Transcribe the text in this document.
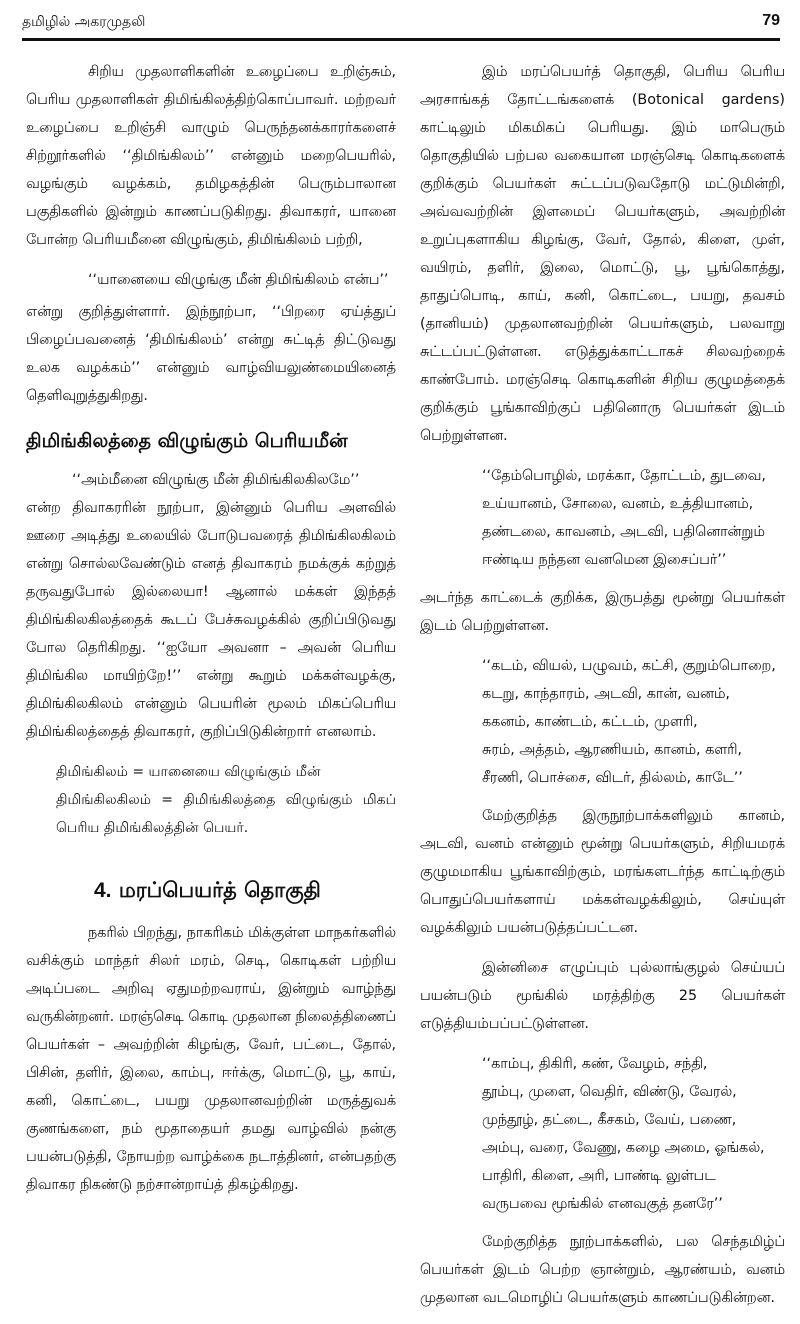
தமிழில் அகரமுதலி	79

சிறிய முதலாளிகளின் உழைப்பை உறிஞ்சும், பெரிய முதலாளிகள் திமிங்கிலத்திற்கொப்பாவர். மற்றவர் உழைப்பை உறிஞ்சி வாழும் பெருந்தனக்காரர்களைச் சிற்றூர்களில் ‘‘திமிங்கிலம்’’ என்னும் மறைபெயரில், வழங்கும் வழக்கம், தமிழகத்தின் பெரும்பாலான பகுதிகளில் இன்றும் காணப்படுகிறது. திவாகரர், யானை போன்ற பெரியமீனை விழுங்கும், திமிங்கிலம் பற்றி,

‘‘யானையை விழுங்கு மீன் திமிங்கிலம் என்ப’’

என்று குறித்துள்ளார். இந்நூற்பா, ‘‘பிறரை ஏய்த்துப் பிழைப்பவனைத் ‘திமிங்கிலம்’ என்று சுட்டித் திட்டுவது உலக வழக்கம்’’ என்னும் வாழ்வியலுண்மையினைத் தெளிவுறுத்துகிறது.

திமிங்கிலத்தை விழுங்கும் பெரியமீன்

‘‘அம்மீனை விழுங்கு மீன் திமிங்கிலகிலமே’’

என்ற திவாகரரின் நூற்பா, இன்னும் பெரிய அளவில் ஊரை அடித்து உலையில் போடுபவரைத் திமிங்கிலகிலம் என்று சொல்லவேண்டும் எனத் திவாகரம் நமக்குக் கற்றுத் தருவதுபோல் இல்லையா! ஆனால் மக்கள் இந்தத் திமிங்கிலகிலத்தைக் கூடப் பேச்சுவழக்கில் குறிப்பிடுவது போல தெரிகிறது. ‘‘ஐயோ அவனா – அவன் பெரிய திமிங்கில மாயிற்றே!’’ என்று கூறும் மக்கள்வழக்கு, திமிங்கிலகிலம் என்னும் பெயரின் மூலம் மிகப்பெரிய திமிங்கிலத்தைத் திவாகரர், குறிப்பிடுகின்றார் எனலாம்.

திமிங்கிலம் = யானையை விழுங்கும் மீன்
திமிங்கிலகிலம் = திமிங்கிலத்தை விழுங்கும் மிகப் பெரிய திமிங்கிலத்தின் பெயர்.
4. மரப்பெயர்த் தொகுதி

நகரில் பிறந்து, நாகரிகம் மிக்குள்ள மாநகர்களில் வசிக்கும் மாந்தர் சிலர் மரம், செடி, கொடிகள் பற்றிய அடிப்படை அறிவு ஏதுமற்றவராய், இன்றும் வாழ்ந்து வருகின்றனர். மரஞ்செடி கொடி முதலான நிலைத்திணைப் பெயர்கள் – அவற்றின் கிழங்கு, வேர், பட்டை, தோல், பிசின், தளிர், இலை, காம்பு, ஈர்க்கு, மொட்டு, பூ, காய், கனி, கொட்டை, பயறு முதலானவற்றின் மருத்துவக் குணங்களை, நம் மூதாதையர் தமது வாழ்வில் நன்கு பயன்படுத்தி, நோயற்ற வாழ்க்கை நடாத்தினர், என்பதற்கு திவாகர நிகண்டு நற்சான்றாய்த் திகழ்கிறது.

இம் மரப்பெயர்த் தொகுதி, பெரிய பெரிய அரசாங்கத் தோட்டங்களைக் (Botonical gardens) காட்டிலும் மிகமிகப் பெரியது. இம் மாபெரும் தொகுதியில் பற்பல வகையான மரஞ்செடி கொடிகளைக் குறிக்கும் பெயர்கள் சுட்டப்படுவதோடு மட்டுமின்றி, அவ்வவற்றின் இளமைப் பெயர்களும், அவற்றின் உறுப்புகளாகிய கிழங்கு, வேர், தோல், கிளை, முள், வயிரம், தளிர், இலை, மொட்டு, பூ, பூங்கொத்து, தாதுப்பொடி, காய், கனி, கொட்டை, பயறு, தவசம் (தானியம்) முதலானவற்றின் பெயர்களும், பலவாறு சுட்டப்பட்டுள்ளன. எடுத்துக்காட்டாகச் சிலவற்றைக் காண்போம். மரஞ்செடி கொடிகளின் சிறிய குழுமத்தைக் குறிக்கும் பூங்காவிற்குப் பதினொரு பெயர்கள் இடம் பெற்றுள்ளன.

‘‘தேம்பொழில், மரக்கா, தோட்டம், துடவை,
உய்யானம், சோலை, வனம், உத்தியானம்,
தண்டலை, காவனம், அடவி, பதினொன்றும்
ஈண்டிய நந்தன வனமென இசைப்பர்’’

அடர்ந்த காட்டைக் குறிக்க, இருபத்து மூன்று பெயர்கள் இடம் பெற்றுள்ளன.

‘‘கடம், வியல், பழுவம், கட்சி, குறும்பொறை,
கடறு, காந்தாரம், அடவி, கான், வனம்,
ககனம், காண்டம், கட்டம், முளரி,
சுரம், அத்தம், ஆரணியம், கானம், களரி,
சீரணி, பொச்சை, விடர், தில்லம், காடே’’

மேற்குறித்த இருநூற்பாக்களிலும் கானம், அடவி, வனம் என்னும் மூன்று பெயர்களும், சிறியமரக் குழுமமாகிய பூங்காவிற்கும், மரங்களடர்ந்த காட்டிற்கும் பொதுப்பெயர்களாய் மக்கள்வழக்கிலும், செய்யுள் வழக்கிலும் பயன்படுத்தப்பட்டன.

இன்னிசை எழுப்பும் புல்லாங்குழல் செய்யப் பயன்படும் மூங்கில் மரத்திற்கு 25 பெயர்கள் எடுத்தியம்பப்பட்டுள்ளன.

‘‘காம்பு, திகிரி, கண், வேழம், சந்தி,
தூம்பு, முளை, வெதிர், விண்டு, வேரல்,
முந்தூழ், தட்டை, கீசகம், வேய், பணை,
அம்பு, வரை, வேணு, கழை அமை, ஓங்கல்,
பாதிரி, கிளை, அரி, பாண்டி லுள்பட
வருபவை மூங்கில் எனவகுத் தனரே’’

மேற்குறித்த நூற்பாக்களில், பல செந்தமிழ்ப் பெயர்கள் இடம் பெற்ற ஞான்றும், ஆரண்யம், வனம் முதலான வடமொழிப் பெயர்களும் காணப்படுகின்றன.
